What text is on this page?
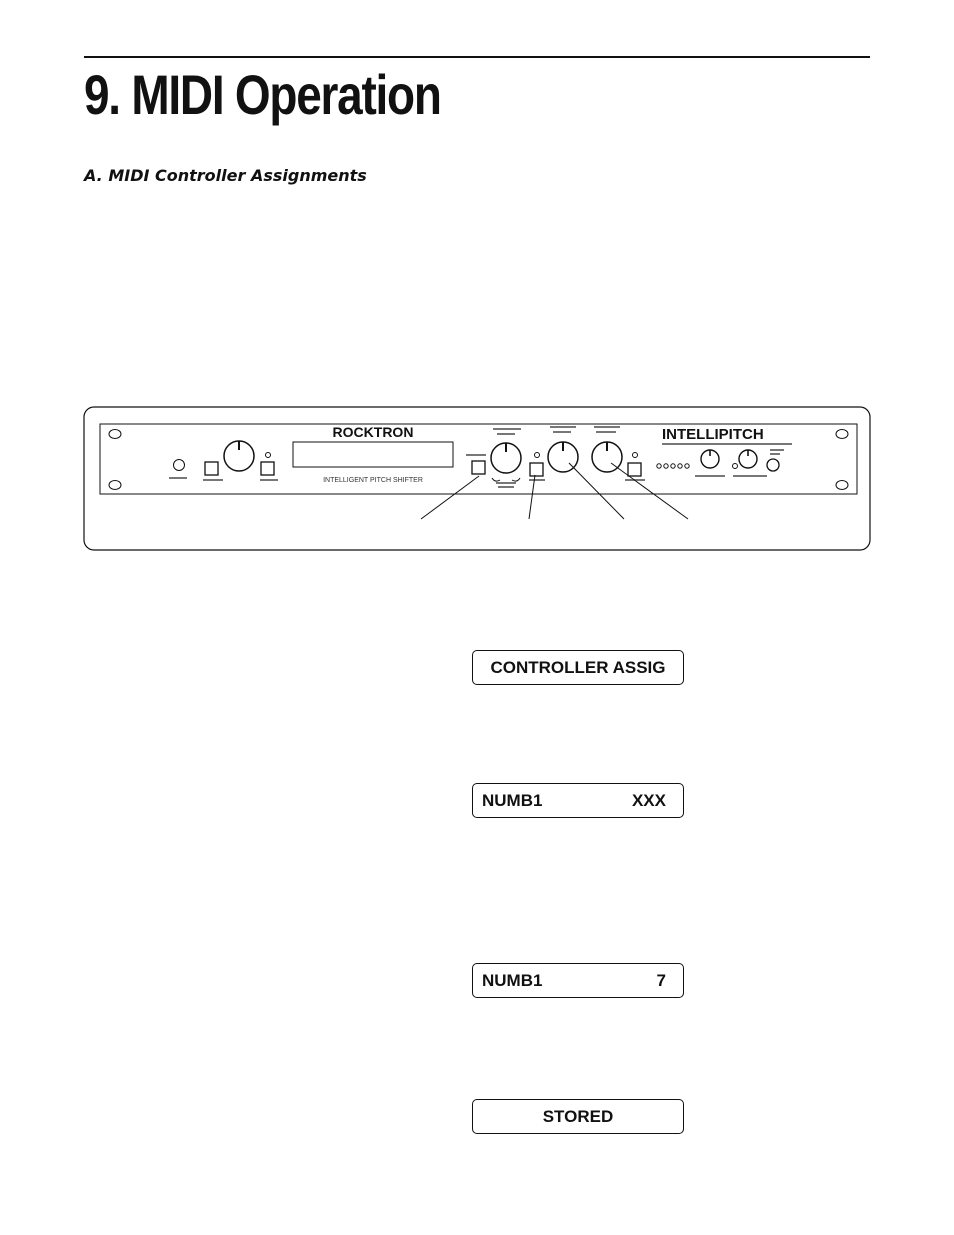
9. MIDI Operation
A. MIDI Controller Assignments
ROCKTRON
INTELLIGENT PITCH SHIFTER
INTELLIPITCH
CONTROLLER ASSIG
NUMB1	XXX
NUMB1	7
STORED
